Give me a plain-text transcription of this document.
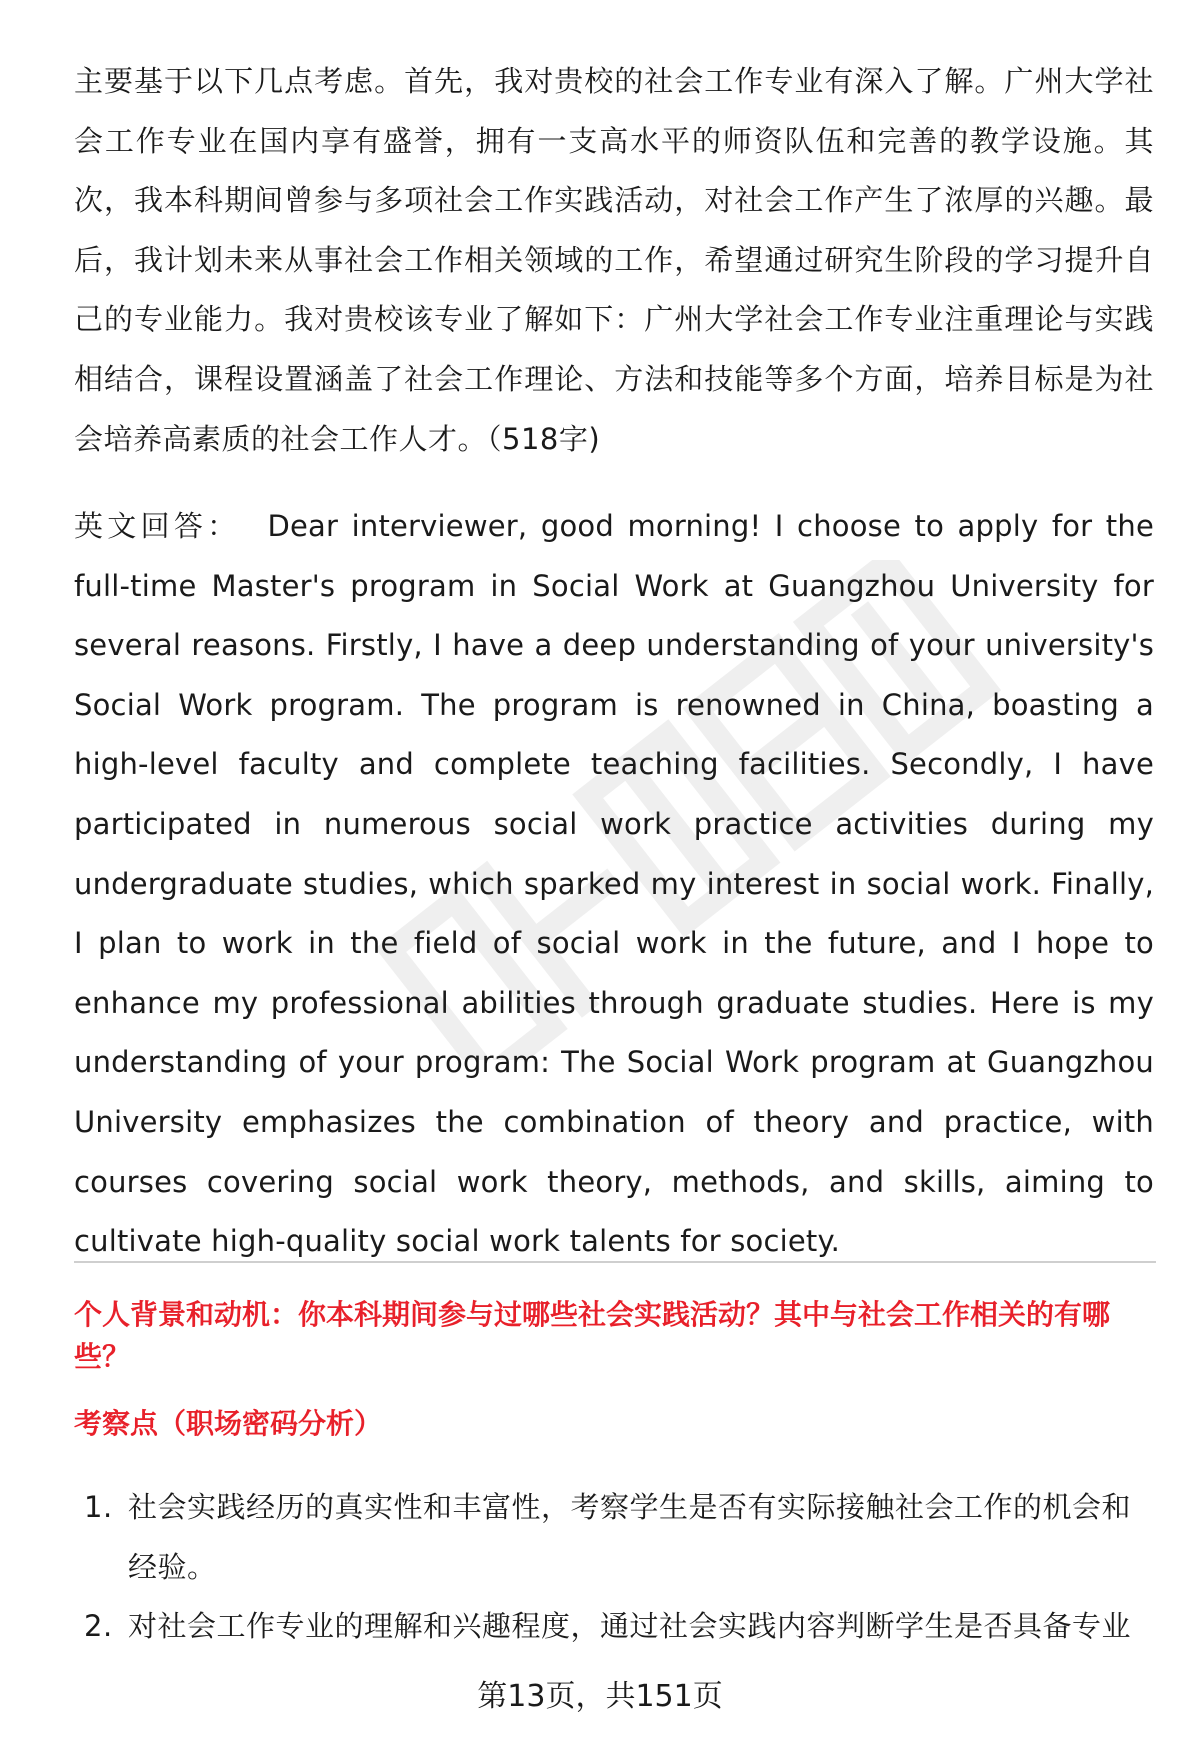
主要基于以下几点考虑。首先，我对贵校的社会工作专业有深入了解。广州大学社会工作专业在国内享有盛誉，拥有一支高水平的师资队伍和完善的教学设施。其次，我本科期间曾参与多项社会工作实践活动，对社会工作产生了浓厚的兴趣。最后，我计划未来从事社会工作相关领域的工作，希望通过研究生阶段的学习提升自己的专业能力。我对贵校该专业了解如下：广州大学社会工作专业注重理论与实践相结合，课程设置涵盖了社会工作理论、方法和技能等多个方面，培养目标是为社会培养高素质的社会工作人才。（518字)

英文回答： Dear interviewer, good morning! I choose to apply for the full-time Master's program in Social Work at Guangzhou University for several reasons. Firstly, I have a deep understanding of your university's Social Work program. The program is renowned in China, boasting a high-level faculty and complete teaching facilities. Secondly, I have participated in numerous social work practice activities during my undergraduate studies, which sparked my interest in social work. Finally, I plan to work in the field of social work in the future, and I hope to enhance my professional abilities through graduate studies. Here is my understanding of your program: The Social Work program at Guangzhou University emphasizes the combination of theory and practice, with courses covering social work theory, methods, and skills, aiming to cultivate high-quality social work talents for society.

个人背景和动机：你本科期间参与过哪些社会实践活动？其中与社会工作相关的有哪些？

考察点（职场密码分析）

1. 社会实践经历的真实性和丰富性，考察学生是否有实际接触社会工作的机会和经验。
2. 对社会工作专业的理解和兴趣程度，通过社会实践内容判断学生是否具备专业
第13页，共151页
